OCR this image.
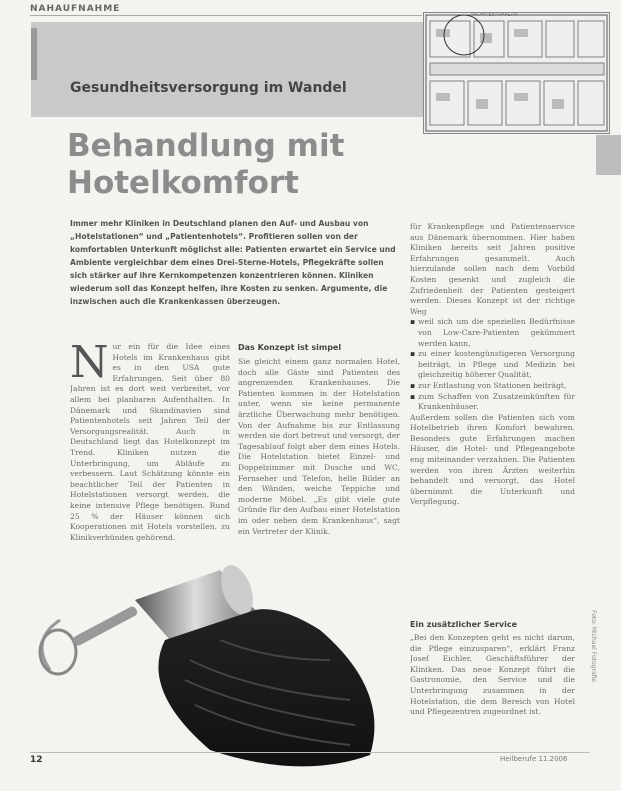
NAHAUFNAHME
ARCHITEKTURPLAN
Gesundheitsversorgung im Wandel
Behandlung mit
Hotelkomfort
Immer mehr Kliniken in Deutschland planen den Auf- und Ausbau von „Hotelstationen“ und „Patientenhotels“. Profitieren sollen von der komfortablen Unterkunft möglichst alle: Patienten erwartet ein Service und Ambiente vergleichbar dem eines Drei-Sterne-Hotels, Pflegekräfte sollen sich stärker auf ihre Kernkompetenzen konzentrieren können. Kliniken wiederum soll das Konzept helfen, ihre Kosten zu senken. Argumente, die inzwischen auch die Krankenkassen überzeugen.
N ur ein für die Idee eines Hotels im Krankenhaus gibt es in den USA gute Erfahrungen. Seit über 80 Jahren ist es dort weit verbreitet, vor allem bei planbaren Aufenthalten. In Dänemark und Skandinavien sind Patientenhotels seit Jahren Teil der Versorgungsrealität. Auch in Deutschland liegt das Hotelkonzept im Trend. Kliniken nutzen die Unterbringung, um Abläufe zu verbessern. Laut Schätzung könnte ein beachtlicher Teil der Patienten in Hotelstationen versorgt werden, die keine intensive Pflege benötigen. Rund 25 % der Häuser können sich Kooperationen mit Hotels vorstellen, zu Klinikverbünden gehörend.
Das Konzept ist simpel

Sie gleicht einem ganz normalen Hotel, doch alle Gäste sind Patienten des angrenzenden Krankenhauses. Die Patienten kommen in der Hotelstation unter, wenn sie keine permanente ärztliche Überwachung mehr benötigen. Von der Aufnahme bis zur Entlassung werden sie dort betreut und versorgt, der Tagesablauf folgt aber dem eines Hotels. Die Hotelstation bietet Einzel- und Doppelzimmer mit Dusche und WC, Fernseher und Telefon, helle Bilder an den Wänden, weiche Teppiche und moderne Möbel. „Es gibt viele gute Gründe für den Aufbau einer Hotelstation im oder neben dem Krankenhaus“, sagt ein Vertreter der Klinik.

für Krankenpflege und Patientenservice aus Dänemark übernommen. Hier haben Kliniken bereits seit Jahren positive Erfahrungen gesammelt. Auch hierzulande sollen nach dem Vorbild Kosten gesenkt und zugleich die Zufriedenheit der Patienten gesteigert werden. Dieses Konzept ist der richtige Weg

▪ weil sich um die speziellen Bedürfnisse von Low-Care-Patienten gekümmert werden kann,
▪ zu einer kostengünstigeren Versorgung beiträgt, in Pflege und Medizin bei gleichzeitig höherer Qualität,
▪ zur Entlastung von Stationen beiträgt,
▪ zum Schaffen von Zusatzeinkünften für Krankenhäuser.

Außerdem sollen die Patienten sich vom Hotelbetrieb ihren Komfort bewahren. Besonders gute Erfahrungen machen Häuser, die Hotel- und Pflegeangebote eng miteinander verzahnen. Die Patienten werden von ihren Ärzten weiterhin behandelt und versorgt, das Hotel übernimmt die Unterkunft und Verpflegung.

Ein zusätzlicher Service

„Bei den Konzepten geht es nicht darum, die Pflege einzusparen“, erklärt Franz Josef Eichler, Geschäftsführer der Kliniken. Das neue Konzept führt die Gastronomie, den Service und die Unterbringung zusammen in der Hotelstation, die dem Bereich von Hotel und Pflegezentren zugeordnet ist.

Foto: Michael Fotografie
12	Heilberufe 11.2006
